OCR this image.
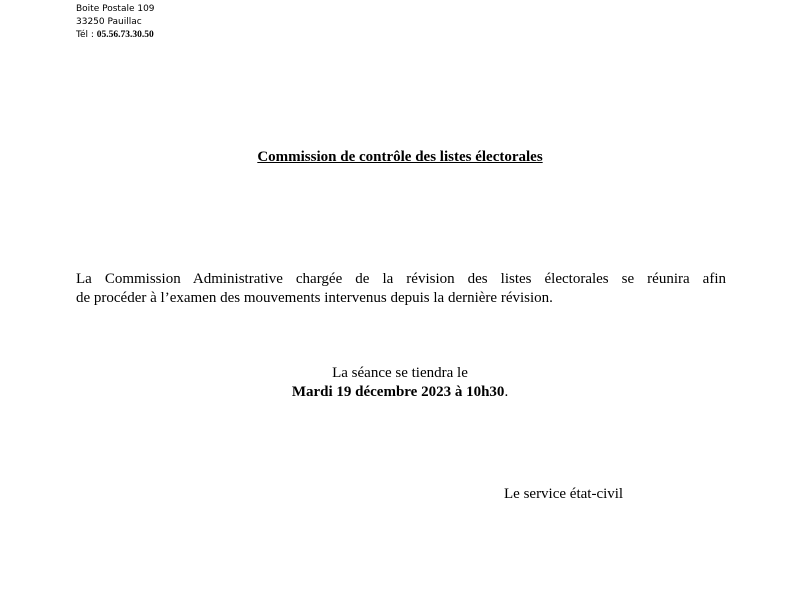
Boite Postale 109
33250 Pauillac
Tél : 05.56.73.30.50
Commission de contrôle des listes électorales
La Commission Administrative chargée de la révision des listes électorales se réunira afin
de procéder à l’examen des mouvements intervenus depuis la dernière révision.
La séance se tiendra le
Mardi 19 décembre 2023 à 10h30.
Le service état-civil
